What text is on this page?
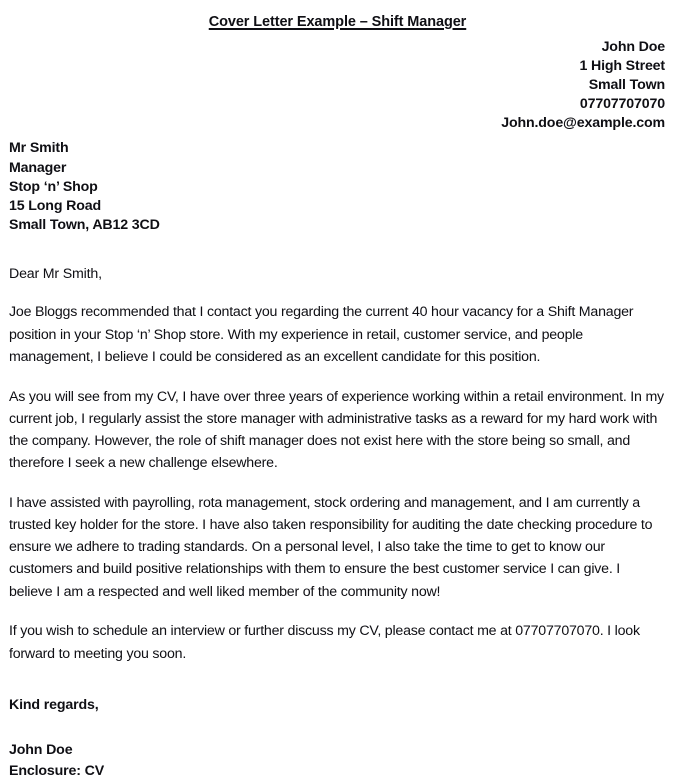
Cover Letter Example – Shift Manager
John Doe
1 High Street
Small Town
07707707070
John.doe@example.com
Mr Smith
Manager
Stop ‘n’ Shop
15 Long Road
Small Town, AB12 3CD
Dear Mr Smith,

Joe Bloggs recommended that I contact you regarding the current 40 hour vacancy for a Shift Manager position in your Stop ‘n’ Shop store. With my experience in retail, customer service, and people management, I believe I could be considered as an excellent candidate for this position.

As you will see from my CV, I have over three years of experience working within a retail environment. In my current job, I regularly assist the store manager with administrative tasks as a reward for my hard work with the company. However, the role of shift manager does not exist here with the store being so small, and therefore I seek a new challenge elsewhere.

I have assisted with payrolling, rota management, stock ordering and management, and I am currently a trusted key holder for the store. I have also taken responsibility for auditing the date checking procedure to ensure we adhere to trading standards. On a personal level, I also take the time to get to know our customers and build positive relationships with them to ensure the best customer service I can give. I believe I am a respected and well liked member of the community now!

If you wish to schedule an interview or further discuss my CV, please contact me at 07707707070. I look forward to meeting you soon.

Kind regards,
John Doe
Enclosure: CV
